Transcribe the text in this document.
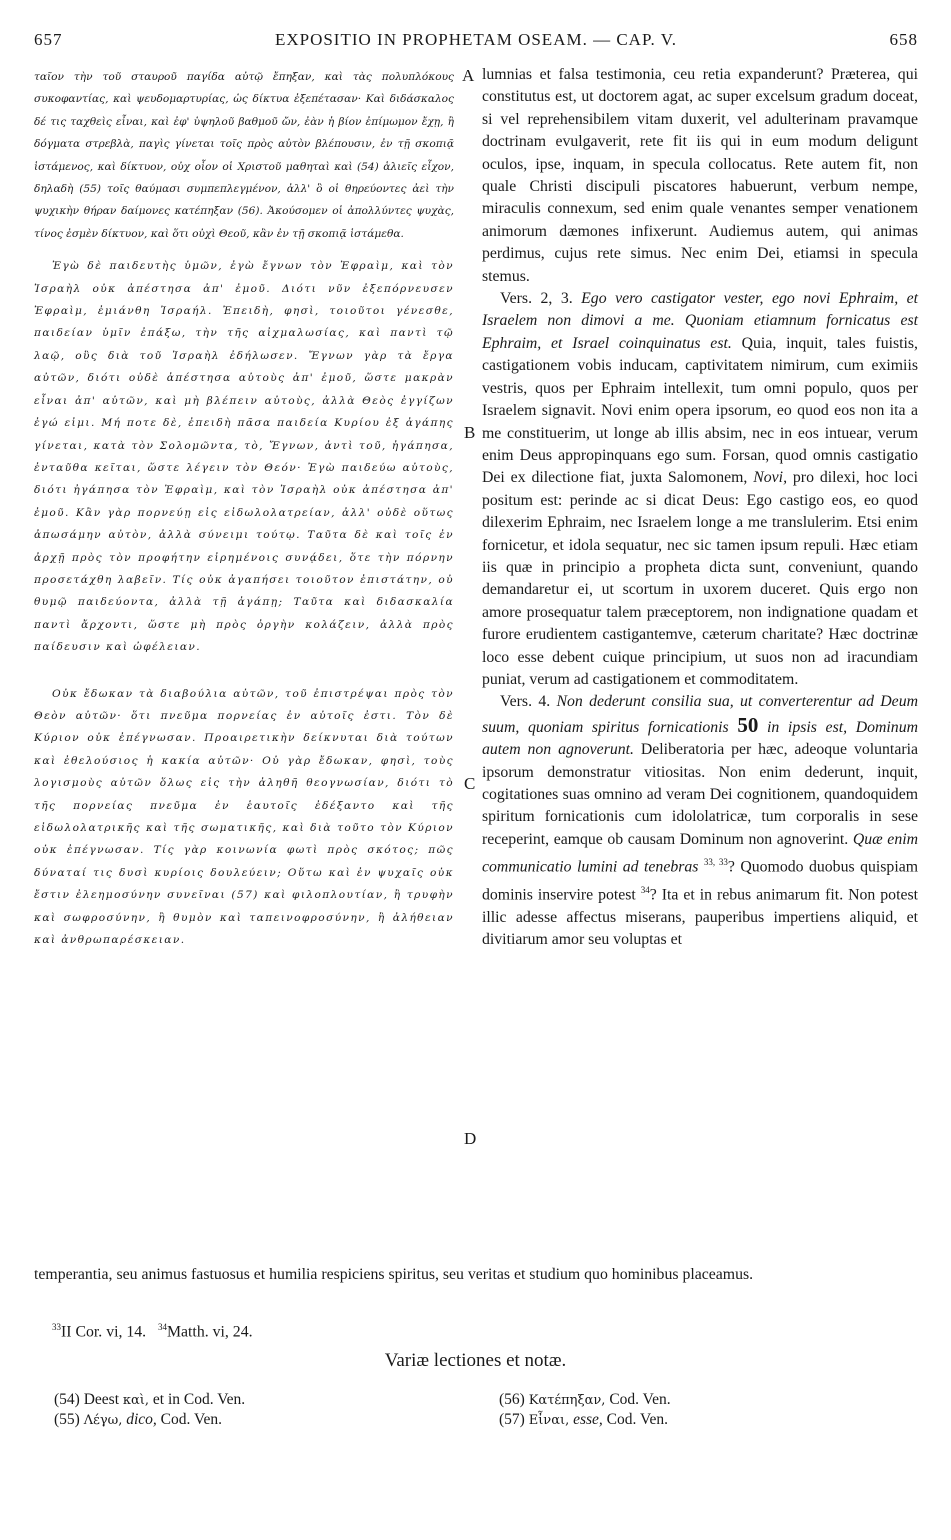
657	EXPOSITIO IN PROPHETAM OSEAM. — CAP. V.	658

ταῖον τὴν τοῦ σταυροῦ παγίδα αὐτῷ ἔπηξαν, καὶ τὰς πολυπλόκους συκοφαντίας, καὶ ψευδομαρτυρίας, ὡς δίκτυα ἐξεπέτασαν· Καὶ διδάσκαλος δέ τις ταχθεὶς εἶναι, καὶ ἐφ' ὑψηλοῦ βαθμοῦ ὤν, ἐὰν ἡ βίον ἐπίμωμον ἔχῃ, ἢ δόγματα στρεβλὰ, παγὶς γίνεται τοῖς πρὸς αὐτὸν βλέπουσιν, ἐν τῇ σκοπιᾷ ἱστάμενος, καὶ δίκτυον, οὐχ οἷον οἱ Χριστοῦ μαθηταὶ καὶ (54) ἁλιεῖς εἶχον, δηλαδὴ (55) τοῖς θαύμασι συμπεπλεγμένον, ἀλλ' ὃ οἱ θηρεύοντες ἀεὶ τὴν ψυχικὴν θήραν δαίμονες κατέπηξαν (56). Ἀκούσομεν οἱ ἀπολλύντες ψυχὰς, τίνος ἐσμὲν δίκτυον, καὶ ὅτι οὐχὶ Θεοῦ, κἂν ἐν τῇ σκοπιᾷ ἱστάμεθα.

Ἐγὼ δὲ παιδευτὴς ὑμῶν, ἐγὼ ἔγνων τὸν Ἐφραὶμ, καὶ τὸν Ἰσραὴλ οὐκ ἀπέστησα ἀπ' ἐμοῦ. Διότι νῦν ἐξεπόρνευσεν Ἐφραὶμ, ἐμιάνθη Ἰσραήλ. Ἐπειδὴ, φησὶ, τοιοῦτοι γένεσθε, παιδείαν ὑμῖν ἐπάξω, τὴν τῆς αἰχμαλωσίας, καὶ παντὶ τῷ λαῷ, οὓς διὰ τοῦ Ἰσραὴλ ἐδήλωσεν. Ἔγνων γὰρ τὰ ἔργα αὐτῶν, διότι οὐδὲ ἀπέστησα αὐτοὺς ἀπ' ἐμοῦ, ὥστε μακρὰν εἶναι ἀπ' αὐτῶν, καὶ μὴ βλέπειν αὐτοὺς, ἀλλὰ Θεὸς ἐγγίζων ἐγώ εἰμι. Μή ποτε δὲ, ἐπειδὴ πᾶσα παιδεία Κυρίου ἐξ ἀγάπης γίνεται, κατὰ τὸν Σολομῶντα, τὸ, Ἔγνων, ἀντὶ τοῦ, ἠγάπησα, ἐνταῦθα κεῖται, ὥστε λέγειν τὸν Θεόν· Ἐγὼ παιδεύω αὐτοὺς, διότι ἠγάπησα τὸν Ἐφραὶμ, καὶ τὸν Ἰσραὴλ οὐκ ἀπέστησα ἀπ' ἐμοῦ. Κἂν γὰρ πορνεύῃ εἰς εἰδωλολατρείαν, ἀλλ' οὐδὲ οὕτως ἀπωσάμην αὐτὸν, ἀλλὰ σύνειμι τούτῳ. Ταῦτα δὲ καὶ τοῖς ἐν ἀρχῇ πρὸς τὸν προφήτην εἰρημένοις συνᾴδει, ὅτε τὴν πόρνην προσετάχθη λαβεῖν. Τίς οὐκ ἀγαπήσει τοιοῦτον ἐπιστάτην, οὐ θυμῷ παιδεύοντα, ἀλλὰ τῇ ἀγάπῃ; Ταῦτα καὶ διδασκαλία παντὶ ἄρχοντι, ὥστε μὴ πρὸς ὀργὴν κολάζειν, ἀλλὰ πρὸς παίδευσιν καὶ ὠφέλειαν.

Οὐκ ἔδωκαν τὰ διαβούλια αὐτῶν, τοῦ ἐπιστρέψαι πρὸς τὸν Θεὸν αὐτῶν· ὅτι πνεῦμα πορνείας ἐν αὐτοῖς ἐστι. Τὸν δὲ Κύριον οὐκ ἐπέγνωσαν. Προαιρετικὴν δείκνυται διὰ τούτων καὶ ἐθελούσιος ἡ κακία αὐτῶν· Οὐ γὰρ ἔδωκαν, φησὶ, τοὺς λογισμοὺς αὐτῶν ὅλως εἰς τὴν ἀληθῆ θεογνωσίαν, διότι τὸ τῆς πορνείας πνεῦμα ἐν ἑαυτοῖς ἐδέξαντο καὶ τῆς εἰδωλολατρικῆς καὶ τῆς σωματικῆς, καὶ διὰ τοῦτο τὸν Κύριον οὐκ ἐπέγνωσαν. Τίς γὰρ κοινωνία φωτὶ πρὸς σκότος; πῶς δύναταί τις δυσὶ κυρίοις δουλεύειν; Οὕτω καὶ ἐν ψυχαῖς οὐκ ἔστιν ἐλεημοσύνην συνεῖναι (57) καὶ φιλοπλουτίαν, ἢ τρυφὴν καὶ σωφροσύνην, ἢ θυμὸν καὶ ταπεινοφροσύνην, ἢ ἀλήθειαν καὶ ἀνθρωπαρέσκειαν.

lumnias et falsa testimonia, ceu retia expanderunt? Præterea, qui constitutus est, ut doctorem agat, ac super excelsum gradum doceat, si vel reprehensibilem vitam duxerit, vel adulterinam pravamque doctrinam evulgaverit, rete fit iis qui in eum modum deligunt oculos, ipse, inquam, in specula collocatus. Rete autem fit, non quale Christi discipuli piscatores habuerunt, verbum nempe, miraculis connexum, sed enim quale venantes semper venationem animorum dæmones infixerunt. Audiemus autem, qui animas perdimus, cujus rete simus. Nec enim Dei, etiamsi in specula stemus.

Vers. 2, 3. Ego vero castigator vester, ego novi Ephraim, et Israelem non dimovi a me. Quoniam etiamnum fornicatus est Ephraim, et Israel coinquinatus est. Quia, inquit, tales fuistis, castigationem vobis inducam, captivitatem nimirum, cum eximiis vestris, quos per Ephraim intellexit, tum omni populo, quos per Israelem signavit. Novi enim opera ipsorum, eo quod eos non ita a me constituerim, ut longe ab illis absim, nec in eos intuear, verum enim Deus appropinquans ego sum. Forsan, quod omnis castigatio Dei ex dilectione fiat, juxta Salomonem, Novi, pro dilexi, hoc loci positum est: perinde ac si dicat Deus: Ego castigo eos, eo quod dilexerim Ephraim, nec Israelem longe a me translulerim. Etsi enim fornicetur, et idola sequatur, nec sic tamen ipsum repuli. Hæc etiam iis quæ in principio a propheta dicta sunt, conveniunt, quando demandaretur ei, ut scortum in uxorem duceret. Quis ergo non amore prosequatur talem præceptorem, non indignatione quadam et furore erudientem castigantemve, cæterum charitate? Hæc doctrinæ loco esse debent cuique principium, ut suos non ad iracundiam puniat, verum ad castigationem et commoditatem.

Vers. 4. Non dederunt consilia sua, ut converterentur ad Deum suum, quoniam spiritus fornicationis 50 in ipsis est, Dominum autem non agnoverunt. Deliberatoria per hæc, adeoque voluntaria ipsorum demonstratur vitiositas. Non enim dederunt, inquit, cogitationes suas omnino ad veram Dei cognitionem, quandoquidem spiritum fornicationis cum idololatricæ, tum corporalis in sese receperint, eamque ob causam Dominum non agnoverint. Quæ enim communicatio lumini ad tenebras $^{33, 33}$? Quomodo duobus quispiam dominis inservire potest $^{34}$? Ita et in rebus animarum fit. Non potest illic adesse affectus miserans, pauperibus impertiens aliquid, et divitiarum amor seu voluptas et

A
B
C
D
temperantia, seu animus fastuosus et humilia respiciens spiritus, seu veritas et studium quo hominibus placeamus.
$^{33}$II Cor. vi, 14. $^{34}$Matth. vi, 24.
Variæ lectiones et notæ.
(54) Deest καὶ, et in Cod. Ven.
(55) Λέγω, dico, Cod. Ven.
(56) Κατέπηξαν, Cod. Ven.
(57) Εἶναι, esse, Cod. Ven.
